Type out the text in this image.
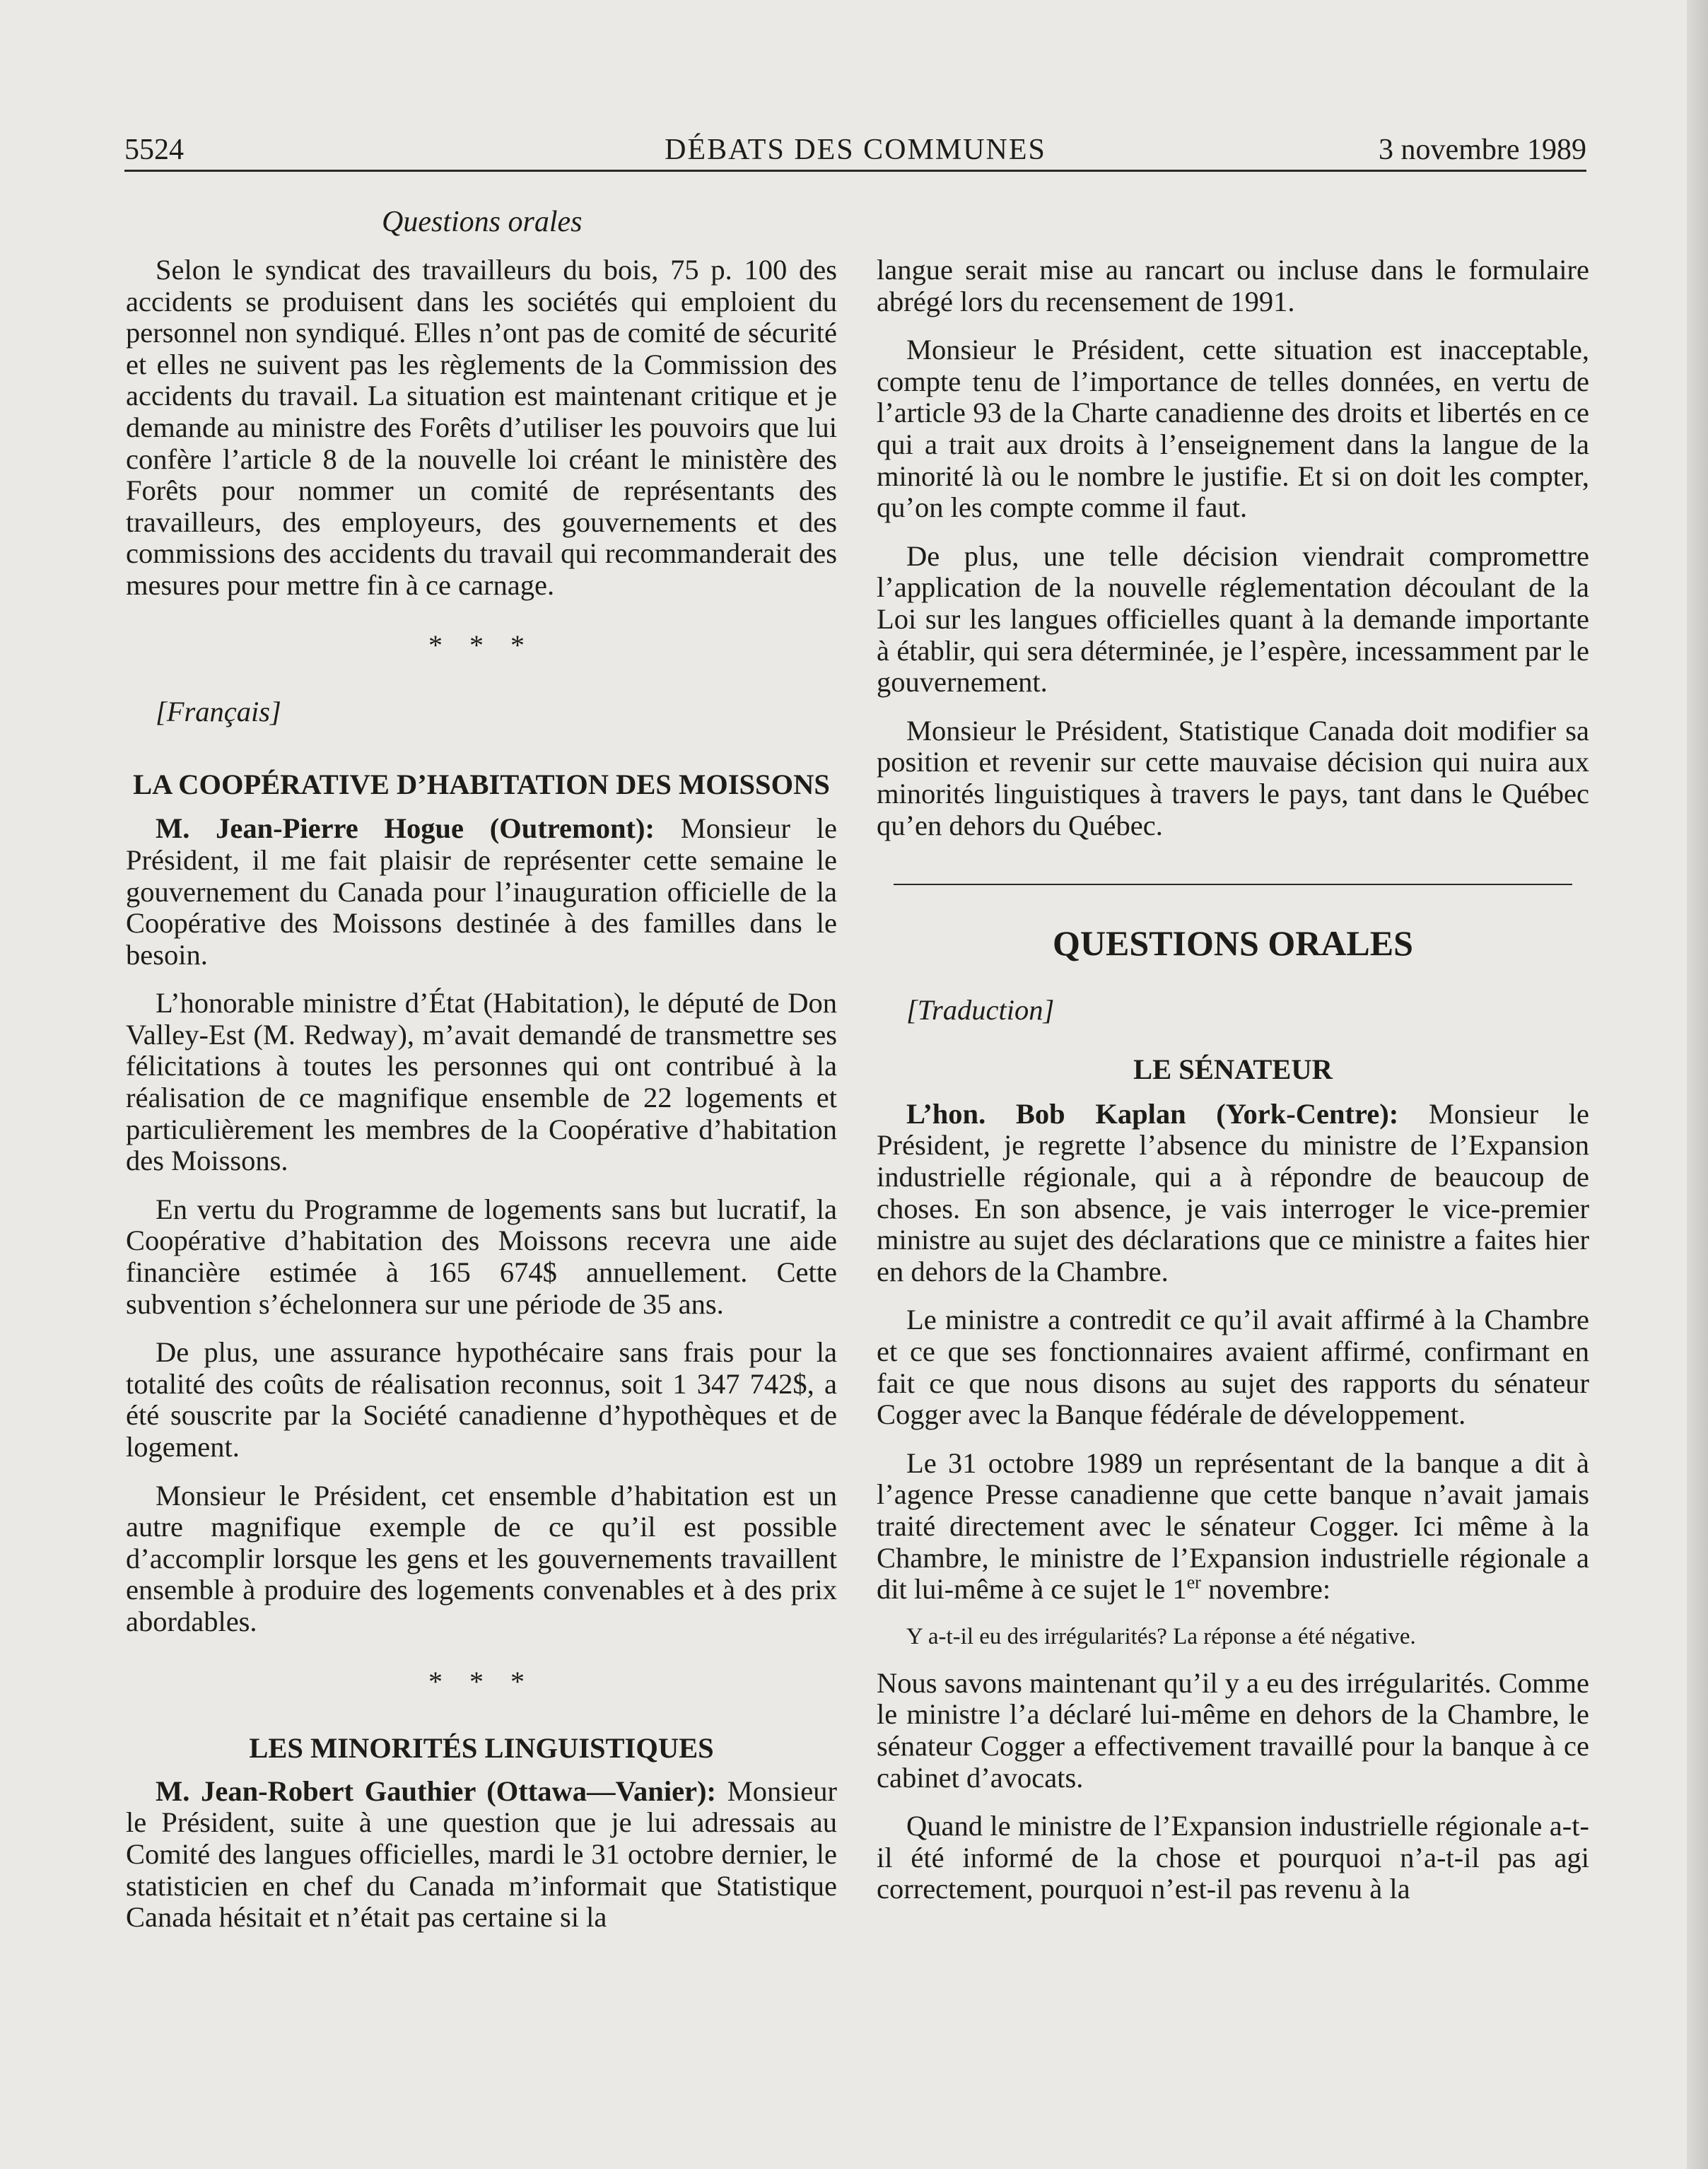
5524	DÉBATS DES COMMUNES	3 novembre 1989
Questions orales

Selon le syndicat des travailleurs du bois, 75 p. 100 des accidents se produisent dans les sociétés qui emploient du personnel non syndiqué. Elles n’ont pas de comité de sécurité et elles ne suivent pas les règlements de la Commission des accidents du travail. La situation est maintenant critique et je demande au ministre des Forêts d’utiliser les pouvoirs que lui confère l’article 8 de la nouvelle loi créant le ministère des Forêts pour nommer un comité de représentants des travailleurs, des employeurs, des gouvernements et des commissions des accidents du travail qui recommanderait des mesures pour mettre fin à ce carnage.

* * *

[Français]

LA COOPÉRATIVE D’HABITATION DES MOISSONS

M. Jean-Pierre Hogue (Outremont): Monsieur le Président, il me fait plaisir de représenter cette semaine le gouvernement du Canada pour l’inauguration officielle de la Coopérative des Moissons destinée à des familles dans le besoin.

L’honorable ministre d’État (Habitation), le député de Don Valley-Est (M. Redway), m’avait demandé de transmettre ses félicitations à toutes les personnes qui ont contribué à la réalisation de ce magnifique ensemble de 22 logements et particulièrement les membres de la Coopérative d’habitation des Moissons.

En vertu du Programme de logements sans but lucratif, la Coopérative d’habitation des Moissons recevra une aide financière estimée à 165 674$ annuellement. Cette subvention s’échelonnera sur une période de 35 ans.

De plus, une assurance hypothécaire sans frais pour la totalité des coûts de réalisation reconnus, soit 1 347 742$, a été souscrite par la Société canadienne d’hypothèques et de logement.

Monsieur le Président, cet ensemble d’habitation est un autre magnifique exemple de ce qu’il est possible d’accomplir lorsque les gens et les gouvernements travaillent ensemble à produire des logements convenables et à des prix abordables.

* * *

LES MINORITÉS LINGUISTIQUES

M. Jean-Robert Gauthier (Ottawa—Vanier): Monsieur le Président, suite à une question que je lui adressais au Comité des langues officielles, mardi le 31 octobre dernier, le statisticien en chef du Canada m’informait que Statistique Canada hésitait et n’était pas certaine si la

langue serait mise au rancart ou incluse dans le formulaire abrégé lors du recensement de 1991.

Monsieur le Président, cette situation est inacceptable, compte tenu de l’importance de telles données, en vertu de l’article 93 de la Charte canadienne des droits et libertés en ce qui a trait aux droits à l’enseignement dans la langue de la minorité là ou le nombre le justifie. Et si on doit les compter, qu’on les compte comme il faut.

De plus, une telle décision viendrait compromettre l’application de la nouvelle réglementation découlant de la Loi sur les langues officielles quant à la demande importante à établir, qui sera déterminée, je l’espère, incessamment par le gouvernement.

Monsieur le Président, Statistique Canada doit modifier sa position et revenir sur cette mauvaise décision qui nuira aux minorités linguistiques à travers le pays, tant dans le Québec qu’en dehors du Québec.

QUESTIONS ORALES

[Traduction]

LE SÉNATEUR

L’hon. Bob Kaplan (York-Centre): Monsieur le Président, je regrette l’absence du ministre de l’Expansion industrielle régionale, qui a à répondre de beaucoup de choses. En son absence, je vais interroger le vice-premier ministre au sujet des déclarations que ce ministre a faites hier en dehors de la Chambre.

Le ministre a contredit ce qu’il avait affirmé à la Chambre et ce que ses fonctionnaires avaient affirmé, confirmant en fait ce que nous disons au sujet des rapports du sénateur Cogger avec la Banque fédérale de développement.

Le 31 octobre 1989 un représentant de la banque a dit à l’agence Presse canadienne que cette banque n’avait jamais traité directement avec le sénateur Cogger. Ici même à la Chambre, le ministre de l’Expansion industrielle régionale a dit lui-même à ce sujet le 1er novembre:

Y a-t-il eu des irrégularités? La réponse a été négative.

Nous savons maintenant qu’il y a eu des irrégularités. Comme le ministre l’a déclaré lui-même en dehors de la Chambre, le sénateur Cogger a effectivement travaillé pour la banque à ce cabinet d’avocats.

Quand le ministre de l’Expansion industrielle régionale a-t-il été informé de la chose et pourquoi n’a-t-il pas agi correctement, pourquoi n’est-il pas revenu à la
